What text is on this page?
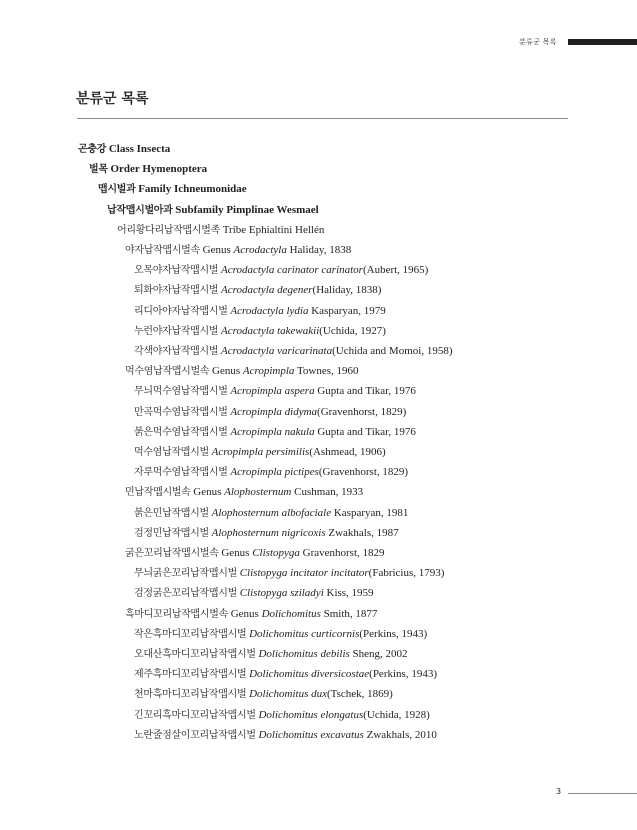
분류군 목록
분류군 목록
곤충강 Class Insecta
벌목 Order Hymenoptera
맵시벌과 Family Ichneumonidae
납작맵시벌아과 Subfamily Pimplinae Wesmael
어리황다리납작맵시벌족 Tribe Ephialtini Hellén
야자납작맵시벌속 Genus Acrodactyla Haliday, 1838
오목야자납작맵시벌 Acrodactyla carinator carinator(Aubert, 1965)
퇴화야자납작맵시벌 Acrodactyla degener(Haliday, 1838)
리디아야자납작맵시벌 Acrodactyla lydia Kasparyan, 1979
누런야자납작맵시벌 Acrodactyla takewakii(Uchida, 1927)
각색야자납작맵시벌 Acrodactyla varicarinata(Uchida and Momoi, 1958)
먹수염납작맵시벌속 Genus Acropimpla Townes, 1960
무늬먹수염납작맵시벌 Acropimpla aspera Gupta and Tikar, 1976
만곡먹수염납작맵시벌 Acropimpla didyma(Gravenhorst, 1829)
붉은먹수염납작맵시벌 Acropimpla nakula Gupta and Tikar, 1976
먹수염납작맵시벌 Acropimpla persimilis(Ashmead, 1906)
자루먹수염납작맵시벌 Acropimpla pictipes(Gravenhorst, 1829)
민납작맵시벌속 Genus Alophosternum Cushman, 1933
붉은민납작맵시벌 Alophosternum albofaciale Kasparyan, 1981
검정민납작맵시벌 Alophosternum nigricoxis Zwakhals, 1987
굵은꼬리납작맵시벌속 Genus Clistopyga Gravenhorst, 1829
무늬굵은꼬리납작맵시벌 Clistopyga incitator incitator(Fabricius, 1793)
검정굵은꼬리납작맵시벌 Clistopyga sziladyi Kiss, 1959
흑마디꼬리납작맵시벌속 Genus Dolichomitus Smith, 1877
작은흑마디꼬리납작맵시벌 Dolichomitus curticornis(Perkins, 1943)
오대산흑마디꼬리납작맵시벌 Dolichomitus debilis Sheng, 2002
제주흑마디꼬리납작맵시벌 Dolichomitus diversicostae(Perkins, 1943)
천마흑마디꼬리납작맵시벌 Dolichomitus dux(Tschek, 1869)
긴꼬리흑마디꼬리납작맵시벌 Dolichomitus elongatus(Uchida, 1928)
노란줄점살이꼬리납작맵시벌 Dolichomitus excavatus Zwakhals, 2010
3
